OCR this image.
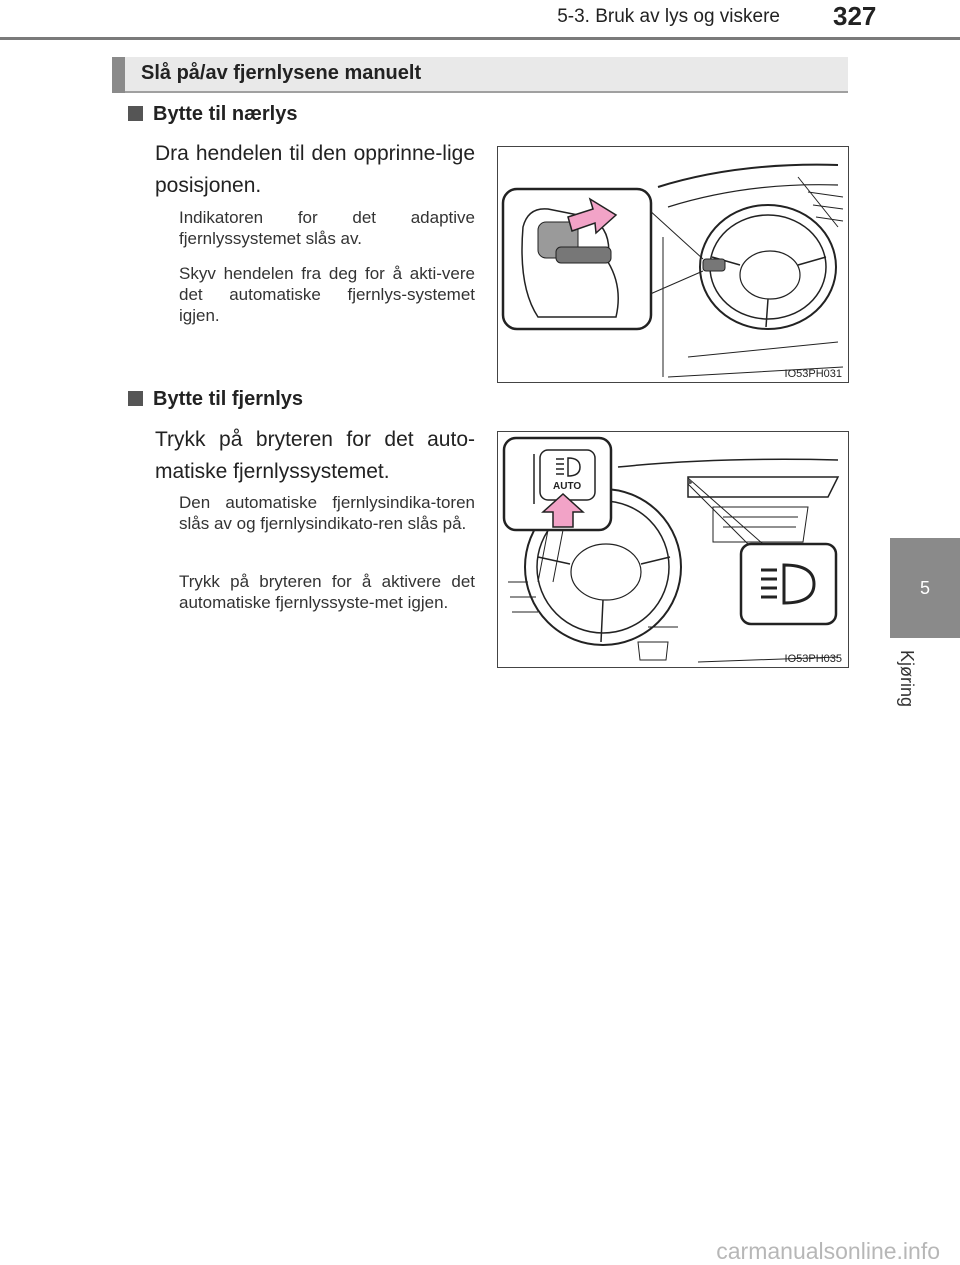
5-3. Bruk av lys og viskere 327
5
Kjøring
Slå på/av fjernlysene manuelt
Bytte til nærlys
Dra hendelen til den opprinne-lige posisjonen.
Indikatoren for det adaptive fjernlyssystemet slås av.
Skyv hendelen fra deg for å akti-vere det automatiske fjernlys-systemet igjen.
IO53PH031
Bytte til fjernlys
Trykk på bryteren for det auto-matiske fjernlyssystemet.
Den automatiske fjernlysindika-toren slås av og fjernlysindikato-ren slås på.
Trykk på bryteren for å aktivere det automatiske fjernlyssyste-met igjen.
AUTO
IO53PH035
carmanualsonline.info
